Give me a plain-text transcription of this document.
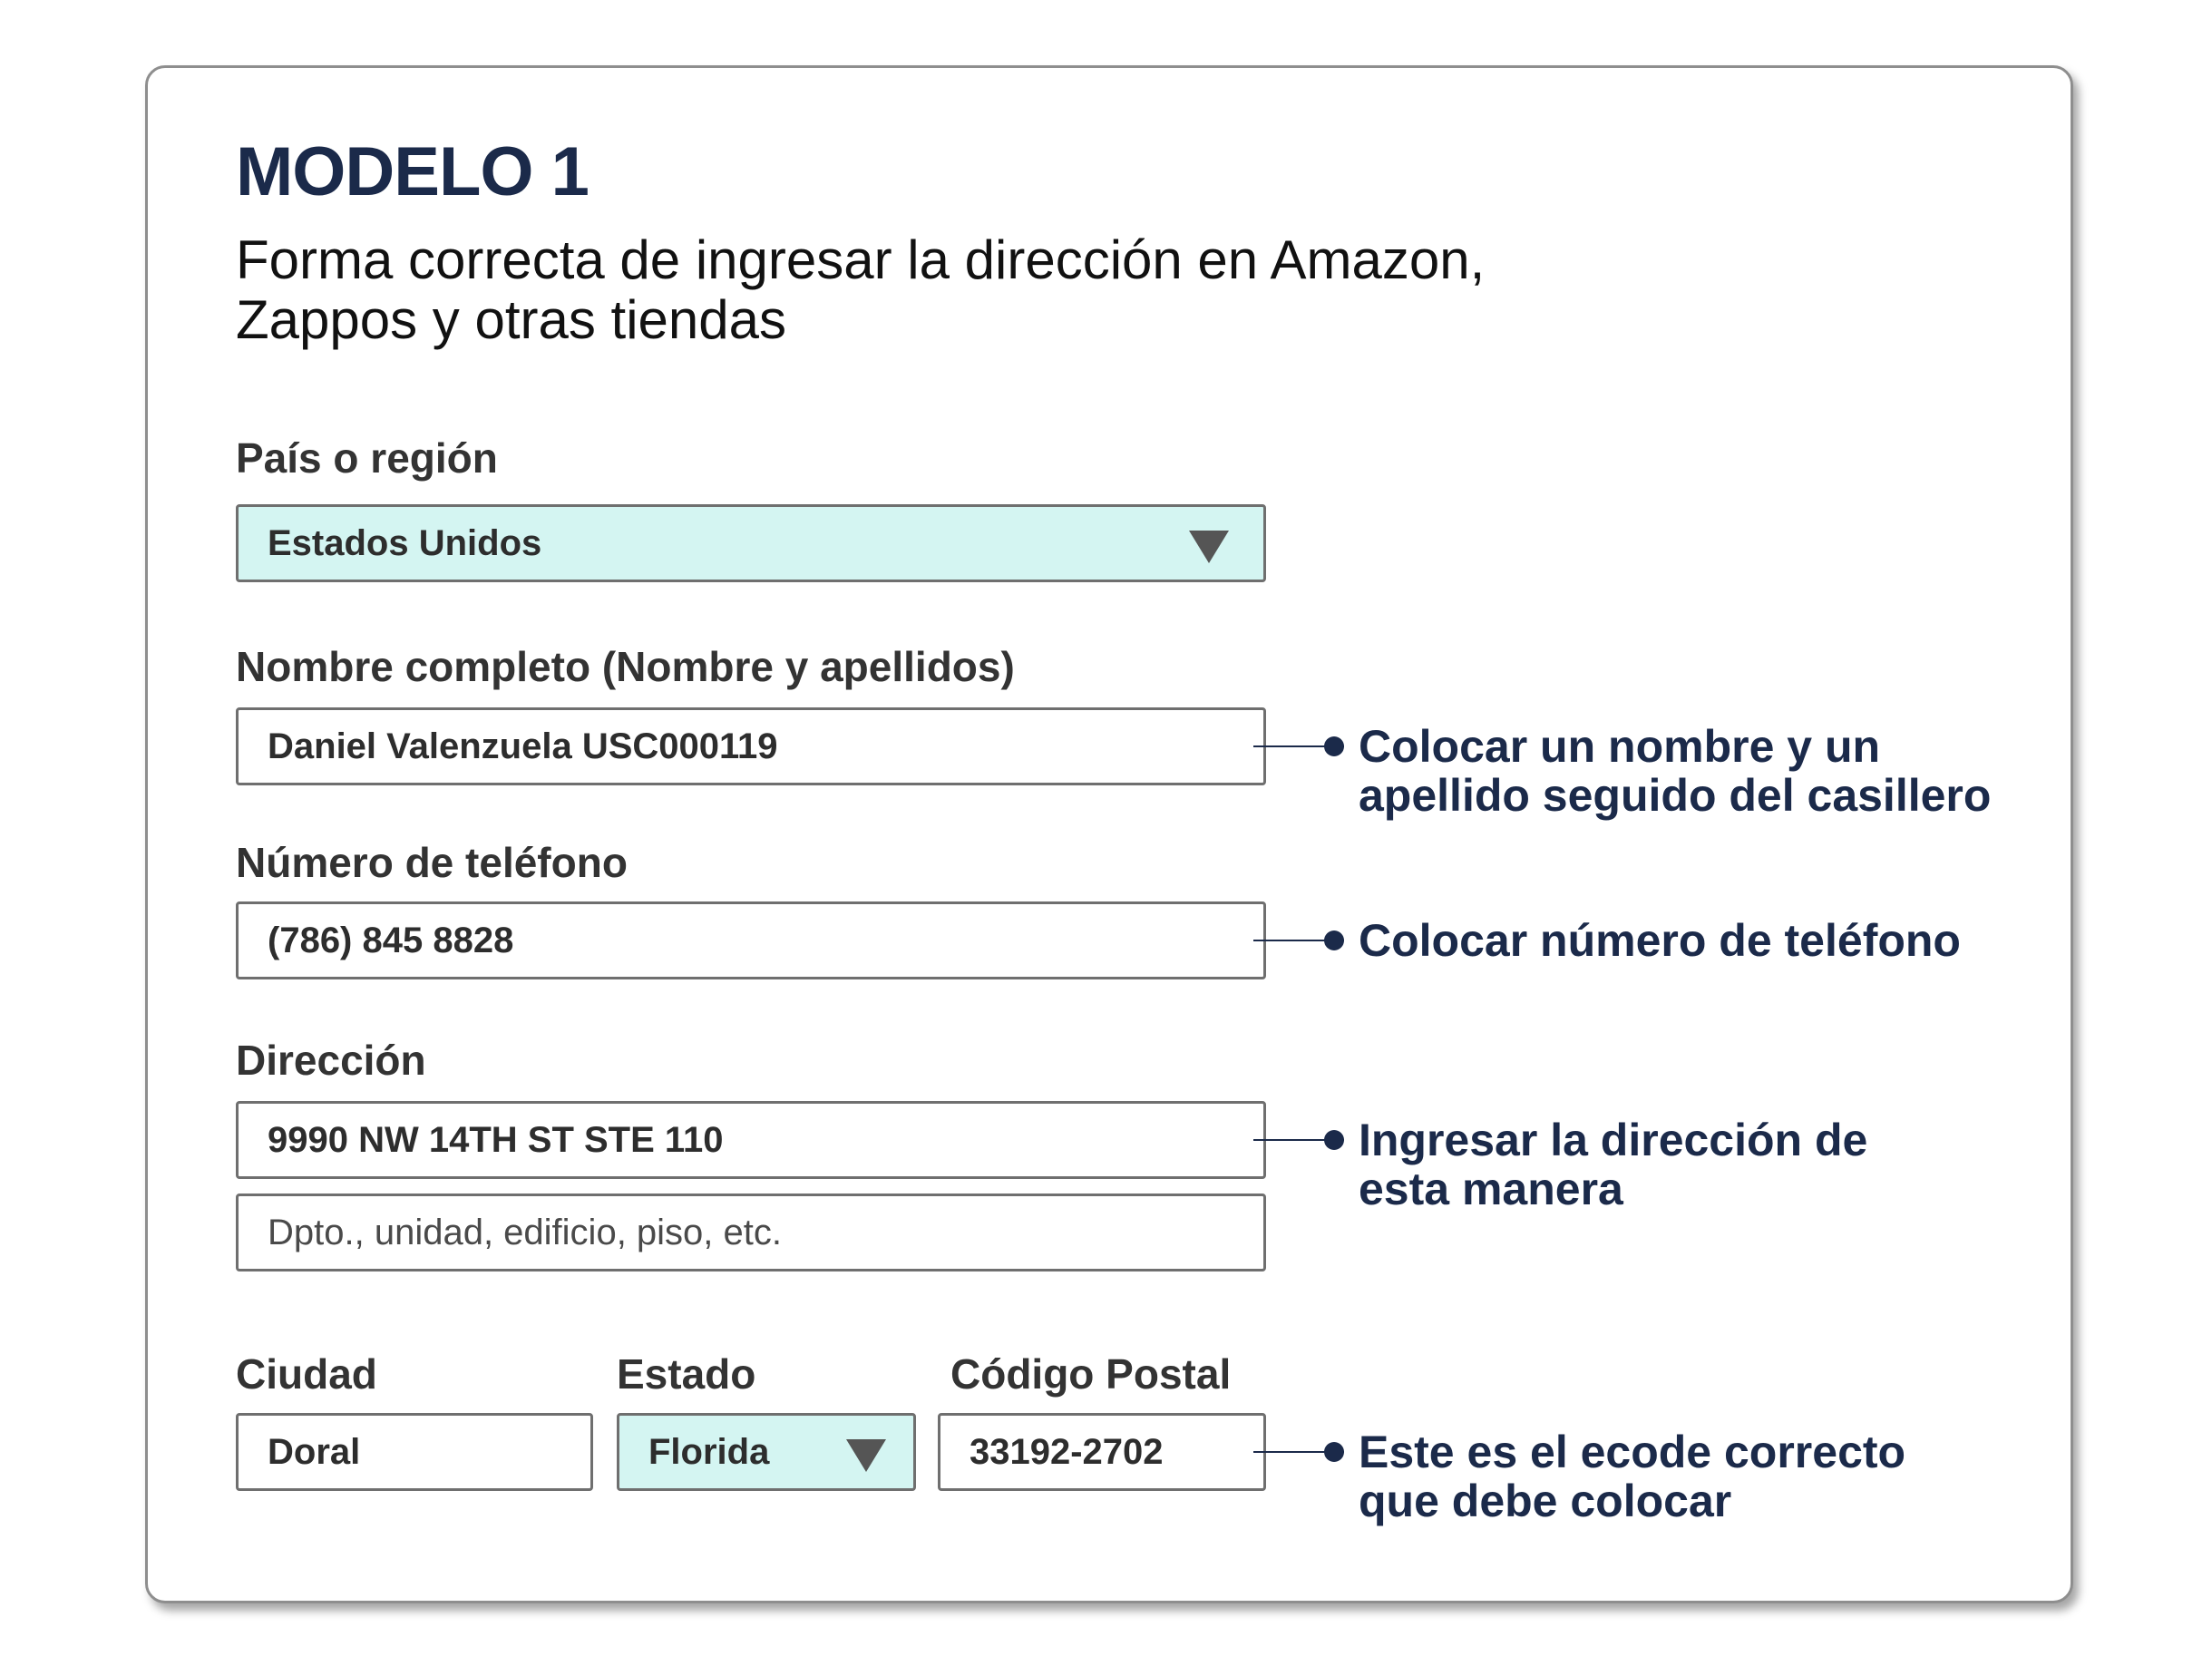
MODELO 1
Forma correcta de ingresar la dirección en Amazon, Zappos y otras tiendas
País o región
Estados Unidos
Nombre completo (Nombre y apellidos)
Daniel Valenzuela USC000119	Colocar un nombre y un apellido seguido del casillero
Número de teléfono
(786) 845 8828	Colocar número de teléfono
Dirección
9990 NW 14TH ST STE 110
Dpto., unidad, edificio, piso, etc.
Ingresar la dirección de esta manera
Ciudad	Estado	Código Postal
Doral	Florida	33192-2702	Este es el ecode correcto que debe colocar
